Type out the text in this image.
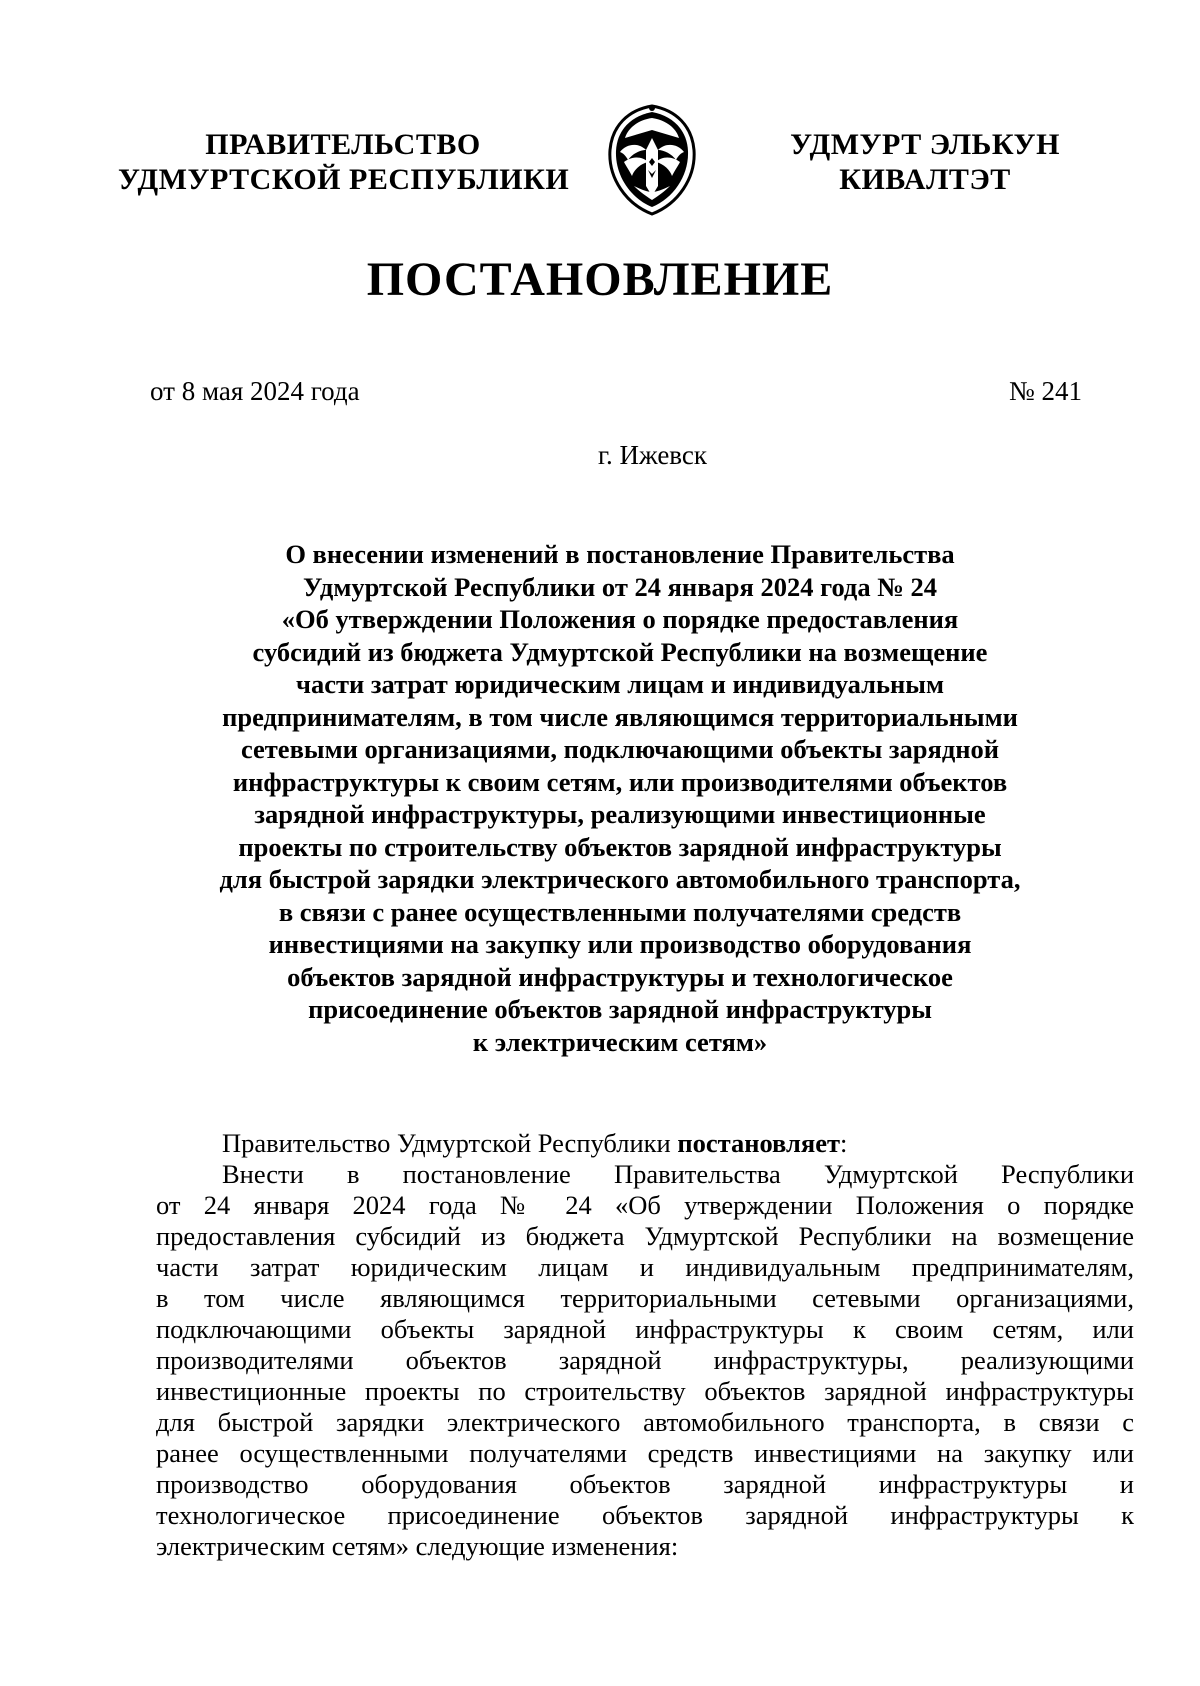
ПРАВИТЕЛЬСТВО
УДМУРТСКОЙ РЕСПУБЛИКИ
УДМУРТ ЭЛЬКУН
КИВАЛТЭТ
ПОСТАНОВЛЕНИЕ
от 8 мая 2024 года	№ 241
г. Ижевск
О внесении изменений в постановление Правительства
Удмуртской Республики от 24 января 2024 года № 24
«Об утверждении Положения о порядке предоставления
субсидий из бюджета Удмуртской Республики на возмещение
части затрат юридическим лицам и индивидуальным
предпринимателям, в том числе являющимся территориальными
сетевыми организациями, подключающими объекты зарядной
инфраструктуры к своим сетям, или производителями объектов
зарядной инфраструктуры, реализующими инвестиционные
проекты по строительству объектов зарядной инфраструктуры
для быстрой зарядки электрического автомобильного транспорта,
в связи с ранее осуществленными получателями средств
инвестициями на закупку или производство оборудования
объектов зарядной инфраструктуры и технологическое
присоединение объектов зарядной инфраструктуры
к электрическим сетям»

Правительство Удмуртской Республики постановляет:

Внести в постановление Правительства Удмуртской Республики
от 24 января 2024 года № 24 «Об утверждении Положения о порядке
предоставления субсидий из бюджета Удмуртской Республики на возмещение
части затрат юридическим лицам и индивидуальным предпринимателям,
в том числе являющимся территориальными сетевыми организациями,
подключающими объекты зарядной инфраструктуры к своим сетям, или
производителями объектов зарядной инфраструктуры, реализующими
инвестиционные проекты по строительству объектов зарядной инфраструктуры
для быстрой зарядки электрического автомобильного транспорта, в связи с
ранее осуществленными получателями средств инвестициями на закупку или
производство оборудования объектов зарядной инфраструктуры и
технологическое присоединение объектов зарядной инфраструктуры к
электрическим сетям» следующие изменения:
